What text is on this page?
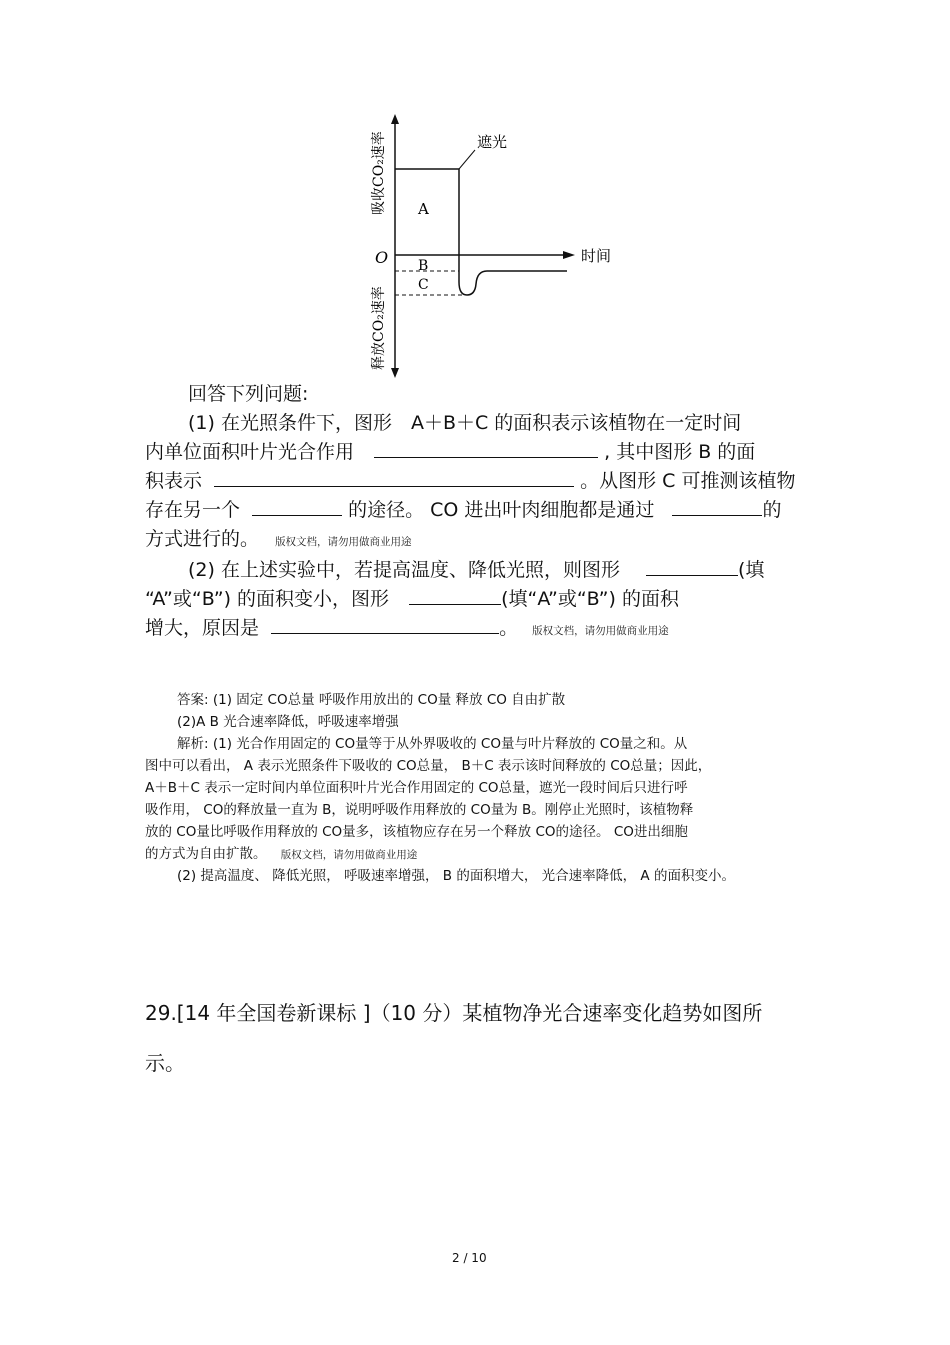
A
B
C
O	时间
遮光
吸收CO₂速率
释放CO₂速率
回答下列问题:
(1) 在光照条件下，图形　A＋B＋C 的面积表示该植物在一定时间
内单位面积叶片光合作用	, 其中图形 B 的面
积表示	。从图形 C 可推测该植物
存在另一个	的途径。 CO 进出叶肉细胞都是通过	的
方式进行的。 版权文档，请勿用做商业用途
(2) 在上述实验中，若提高温度、降低光照，则图形	(填
“A”或“B”) 的面积变小，图形	(填“A”或“B”) 的面积
增大，原因是	。 版权文档，请勿用做商业用途
答案: (1) 固定 CO总量 呼吸作用放出的 CO量 释放 CO 自由扩散
(2)A B 光合速率降低，呼吸速率增强
解析: (1) 光合作用固定的 CO量等于从外界吸收的 CO量与叶片释放的 CO量之和。从
图中可以看出， A 表示光照条件下吸收的 CO总量， B＋C 表示该时间释放的 CO总量；因此，
A＋B＋C 表示一定时间内单位面积叶片光合作用固定的 CO总量，遮光一段时间后只进行呼
吸作用， CO的释放量一直为 B，说明呼吸作用释放的 CO量为 B。刚停止光照时，该植物释
放的 CO量比呼吸作用释放的 CO量多，该植物应存在另一个释放 CO的途径。 CO进出细胞
的方式为自由扩散。 版权文档，请勿用做商业用途
(2) 提高温度、 降低光照， 呼吸速率增强， B 的面积增大， 光合速率降低， A 的面积变小。
29.[14 年全国卷新课标 ]（10 分）某植物净光合速率变化趋势如图所
示。
2 / 10
